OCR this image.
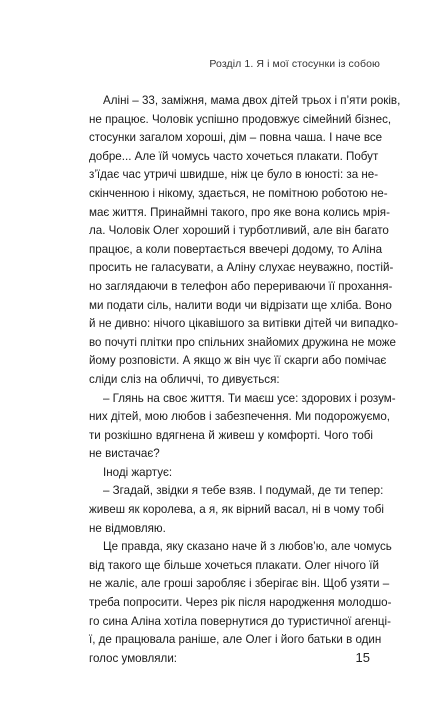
Розділ 1. Я і мої стосунки із собою
Аліні – 33, заміжня, мама двох дітей трьох і п’яти років,
не працює. Чоловік успішно продовжує сімейний бізнес,
стосунки загалом хороші, дім – повна чаша. І наче все
добре... Але їй чомусь часто хочеться плакати. Побут
з’їдає час утричі швидше, ніж це було в юності: за не-
скінченною і нікому, здається, не помітною роботою не-
має життя. Принаймні такого, про яке вона колись мрія-
ла. Чоловік Олег хороший і турботливий, але він багато
працює, а коли повертається ввечері додому, то Аліна
просить не галасувати, а Аліну слухає неуважно, постій-
но заглядаючи в телефон або перериваючи її прохання-
ми подати сіль, налити води чи відрізати ще хліба. Воно
й не дивно: нічого цікавішого за витівки дітей чи випадко-
во почуті плітки про спільних знайомих дружина не може
йому розповісти. А якщо ж він чує її скарги або помічає
сліди сліз на обличчі, то дивується:
– Глянь на своє життя. Ти маєш усе: здорових і розум-
них дітей, мою любов і забезпечення. Ми подорожуємо,
ти розкішно вдягнена й живеш у комфорті. Чого тобі
не вистачає?
Іноді жартує:
– Згадай, звідки я тебе взяв. І подумай, де ти тепер:
живеш як королева, а я, як вірний васал, ні в чому тобі
не відмовляю.
Це правда, яку сказано наче й з любов’ю, але чомусь
від такого ще більше хочеться плакати. Олег нічого їй
не жаліє, але гроші заробляє і зберігає він. Щоб узяти –
треба попросити. Через рік після народження молодшо-
го сина Аліна хотіла повернутися до туристичної агенці-
ї, де працювала раніше, але Олег і його батьки в один
голос умовляли:	15
